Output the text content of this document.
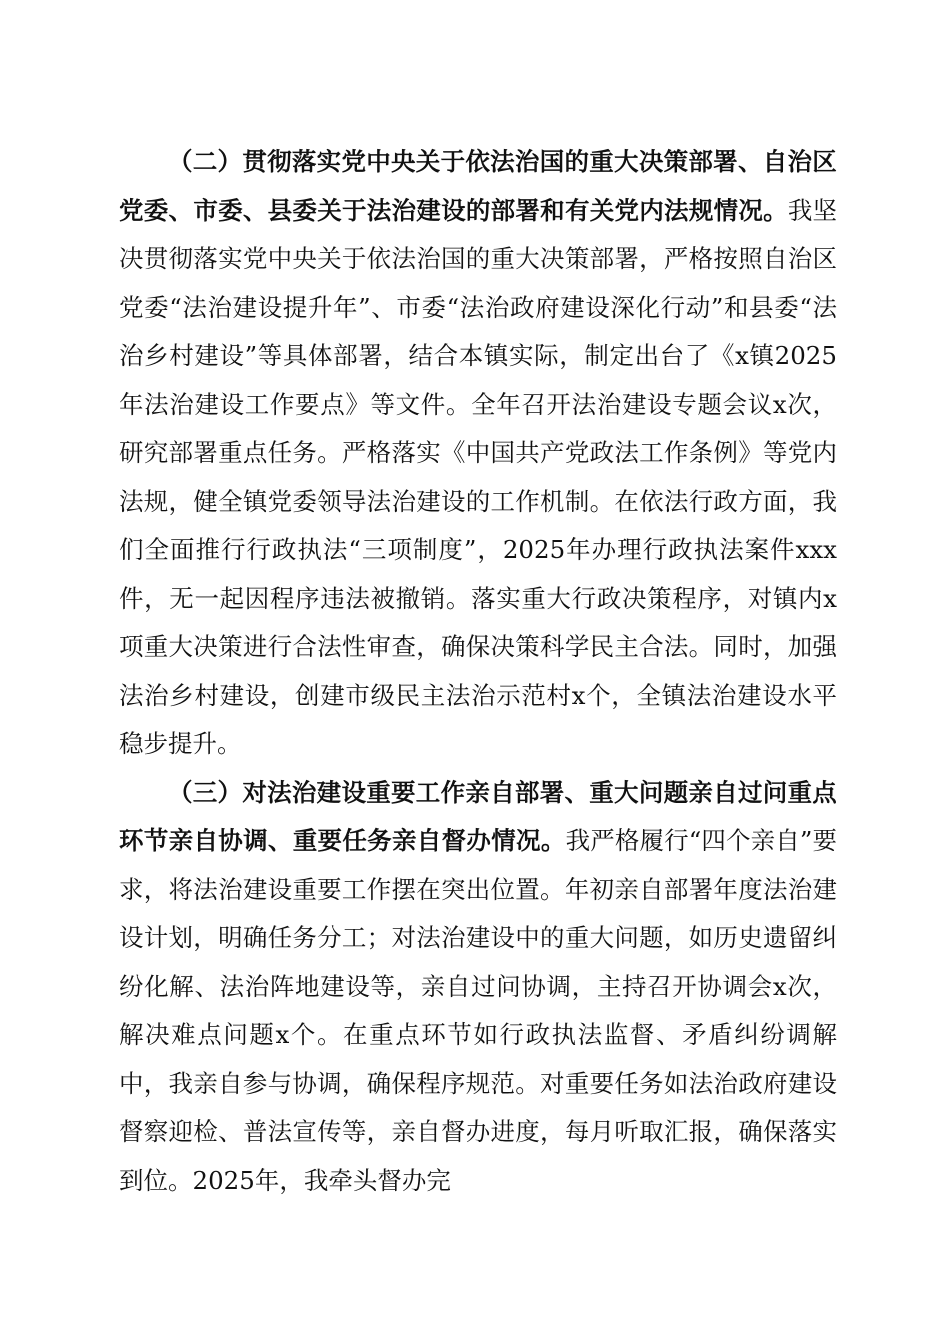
（二）贯彻落实党中央关于依法治国的重大决策部署、自治区党委、市委、县委关于法治建设的部署和有关党内法规情况。我坚决贯彻落实党中央关于依法治国的重大决策部署，严格按照自治区党委“法治建设提升年”、市委“法治政府建设深化行动”和县委“法治乡村建设”等具体部署，结合本镇实际，制定出台了《x镇2025年法治建设工作要点》等文件。全年召开法治建设专题会议x次，研究部署重点任务。严格落实《中国共产党政法工作条例》等党内法规，健全镇党委领导法治建设的工作机制。在依法行政方面，我们全面推行行政执法“三项制度”，2025年办理行政执法案件xxx件，无一起因程序违法被撤销。落实重大行政决策程序，对镇内x项重大决策进行合法性审查，确保决策科学民主合法。同时，加强法治乡村建设，创建市级民主法治示范村x个，全镇法治建设水平稳步提升。

（三）对法治建设重要工作亲自部署、重大问题亲自过问重点环节亲自协调、重要任务亲自督办情况。我严格履行“四个亲自”要求，将法治建设重要工作摆在突出位置。年初亲自部署年度法治建设计划，明确任务分工；对法治建设中的重大问题，如历史遗留纠纷化解、法治阵地建设等，亲自过问协调，主持召开协调会x次，解决难点问题x个。在重点环节如行政执法监督、矛盾纠纷调解中，我亲自参与协调，确保程序规范。对重要任务如法治政府建设督察迎检、普法宣传等，亲自督办进度，每月听取汇报，确保落实到位。2025年，我牵头督办完
